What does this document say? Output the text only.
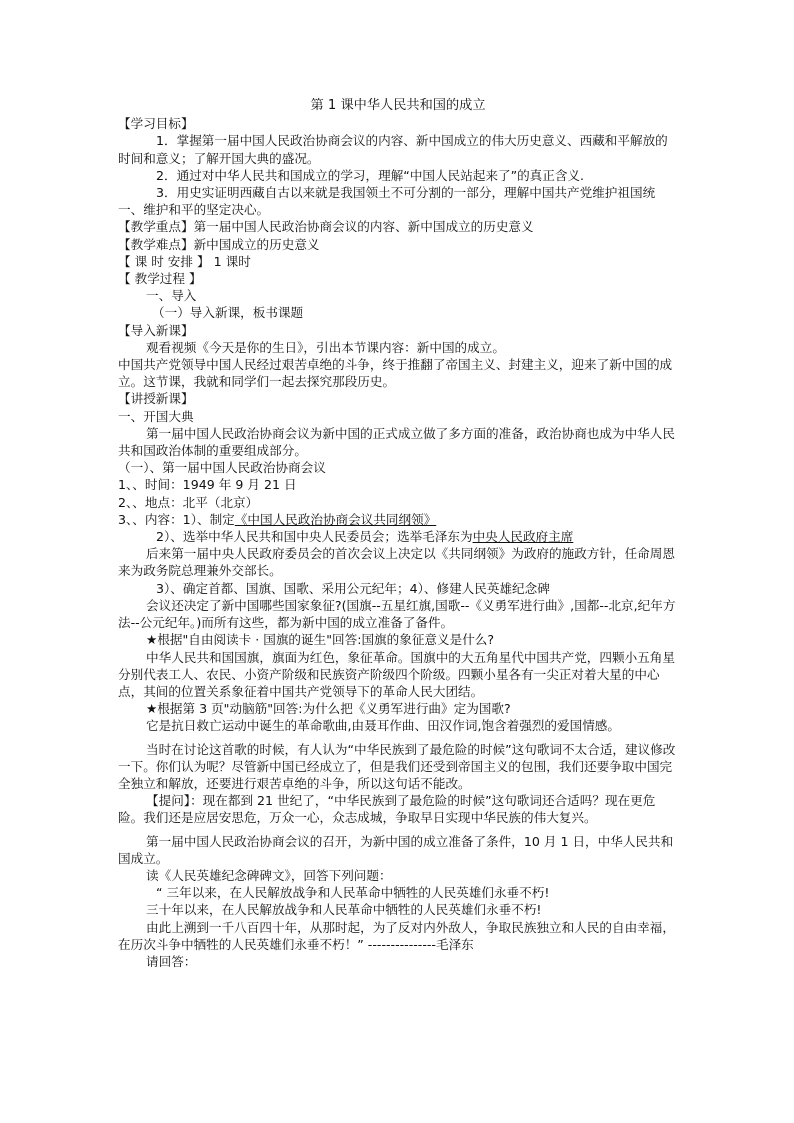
第 1 课中华人民共和国的成立
【学习目标】
1．掌握第一届中国人民政治协商会议的内容、新中国成立的伟大历史意义、西藏和平解放的时间和意义；了解开国大典的盛况。
2．通过对中华人民共和国成立的学习，理解“中国人民站起来了”的真正含义.
3．用史实证明西藏自古以来就是我国领土不可分割的一部分，理解中国共产党维护祖国统一、维护和平的坚定决心。
【教学重点】第一届中国人民政治协商会议的内容、新中国成立的历史意义
【教学难点】新中国成立的历史意义
【 课 时 安排 】 1 课时
【 教学过程 】
一、导入
（一）导入新课，板书课题
【导入新课】
观看视频《今天是你的生日》，引出本节课内容：新中国的成立。
中国共产党领导中国人民经过艰苦卓绝的斗争，终于推翻了帝国主义、封建主义，迎来了新中国的成立。这节课，我就和同学们一起去探究那段历史。
【讲授新课】
一、开国大典
第一届中国人民政治协商会议为新中国的正式成立做了多方面的准备，政治协商也成为中华人民共和国政治体制的重要组成部分。
（一）、第一届中国人民政治协商会议
1、、时间：1949 年 9 月 21 日
2、、地点：北平（北京）
3、、内容：1）、制定《中国人民政治协商会议共同纲领》
2）、选举中华人民共和国中央人民委员会；选举毛泽东为中央人民政府主席
后来第一届中央人民政府委员会的首次会议上决定以《共同纲领》为政府的施政方针，任命周恩来为政务院总理兼外交部长。
3）、确定首都、国旗、国歌、采用公元纪年；4）、修建人民英雄纪念碑
会议还决定了新中国哪些国家象征?(国旗--五星红旗,国歌--《义勇军进行曲》,国都--北京,纪年方法--公元纪年。)而所有这些，都为新中国的成立准备了备件。
★根据"自由阅读卡 · 国旗的诞生"回答:国旗的象征意义是什么?
中华人民共和国国旗，旗面为红色，象征革命。国旗中的大五角星代中国共产党，四颗小五角星分别代表工人、农民、小资产阶级和民族资产阶级四个阶级。四颗小星各有一尖正对着大星的中心点，其间的位置关系象征着中国共产党领导下的革命人民大团结。
★根据第 3 页"动脑筋"回答:为什么把《义勇军进行曲》定为国歌?
它是抗日救亡运动中诞生的革命歌曲,由聂耳作曲、田汉作词,饱含着强烈的爱国情感。
当时在讨论这首歌的时候，有人认为“中华民族到了最危险的时候”这句歌词不太合适，建议修改一下。你们认为呢？尽管新中国已经成立了，但是我们还受到帝国主义的包围，我们还要争取中国完全独立和解放，还要进行艰苦卓绝的斗争，所以这句话不能改。
【提问】：现在都到 21 世纪了，“中华民族到了最危险的时候”这句歌词还合适吗？现在更危险。我们还是应居安思危，万众一心，众志成城，争取早日实现中华民族的伟大复兴。
第一届中国人民政治协商会议的召开，为新中国的成立准备了条件，10 月 1 日，中华人民共和国成立。
读《人民英雄纪念碑碑文》，回答下列问题：
“ 三年以来，在人民解放战争和人民革命中牺牲的人民英雄们永垂不朽!
三十年以来，在人民解放战争和人民革命中牺牲的人民英雄们永垂不朽!
由此上溯到一千八百四十年，从那时起，为了反对内外敌人，争取民族独立和人民的自由幸福，在历次斗争中牺牲的人民英雄们永垂不朽！” ---------------毛泽东
请回答：
